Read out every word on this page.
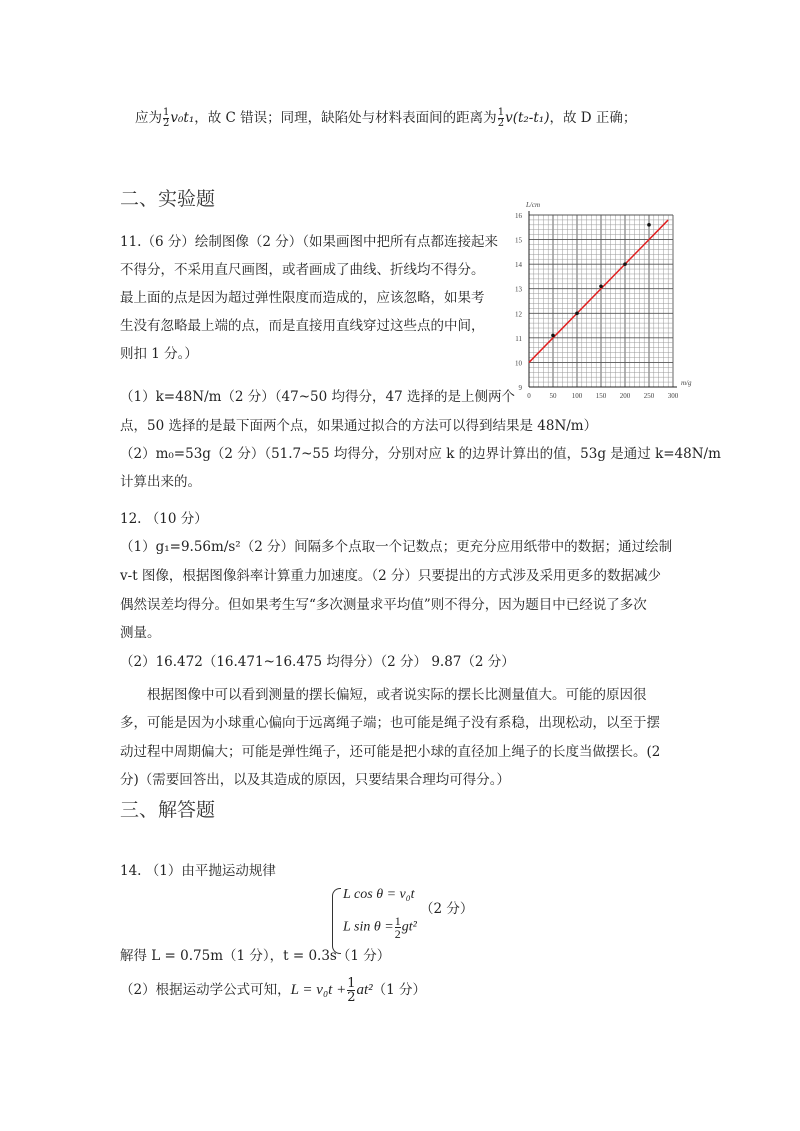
应为 $\frac{1}{2} v_0t_1$，故 C 错误；同理，缺陷处与材料表面间的距离为 $\frac{1}{2} v(t_2-t_1)$，故 D 正确；
二、实验题
11.（6 分）绘制图像（2 分）（如果画图中把所有点都连接起来
不得分，不采用直尺画图，或者画成了曲线、折线均不得分。
最上面的点是因为超过弹性限度而造成的，应该忽略，如果考
生没有忽略最上端的点，而是直接用直线穿过这些点的中间，
则扣 1 分。）
（1）k=48N/m（2 分）（47~50 均得分，47 选择的是上侧两个
点，50 选择的是最下面两个点，如果通过拟合的方法可以得到结果是 48N/m）
（2）m₀=53g（2 分）（51.7~55 均得分，分别对应 k 的边界计算出的值，53g 是通过 k=48N/m
计算出来的。
12. （10 分）
（1）g₁=9.56m/s²（2 分）间隔多个点取一个记数点；更充分应用纸带中的数据；通过绘制
v-t 图像，根据图像斜率计算重力加速度。（2 分）只要提出的方式涉及采用更多的数据减少
偶然误差均得分。但如果考生写“多次测量求平均值”则不得分，因为题目中已经说了多次
测量。
（2）16.472（16.471~16.475 均得分）（2 分） 9.87（2 分）
　　根据图像中可以看到测量的摆长偏短，或者说实际的摆长比测量值大。可能的原因很
多，可能是因为小球重心偏向于远离绳子端；也可能是绳子没有系稳，出现松动，以至于摆
动过程中周期偏大；可能是弹性绳子，还可能是把小球的直径加上绳子的长度当做摆长。(2
分)（需要回答出，以及其造成的原因，只要结果合理均可得分。）
三、解答题
14. （1）由平抛运动规律
L cos θ = v₀t
L $\sin \theta = \frac{1}{2} gt^2$
（2 分）
解得 L = 0.75m（1 分），t = 0.3s（1 分）
（2）根据运动学公式可知，$L = v_0t + \frac{1}{2} at^2(1$ 分）
0	50 100 150 200 250 300
9
10
11
12
13
14
15
16
L/cm
m/g
